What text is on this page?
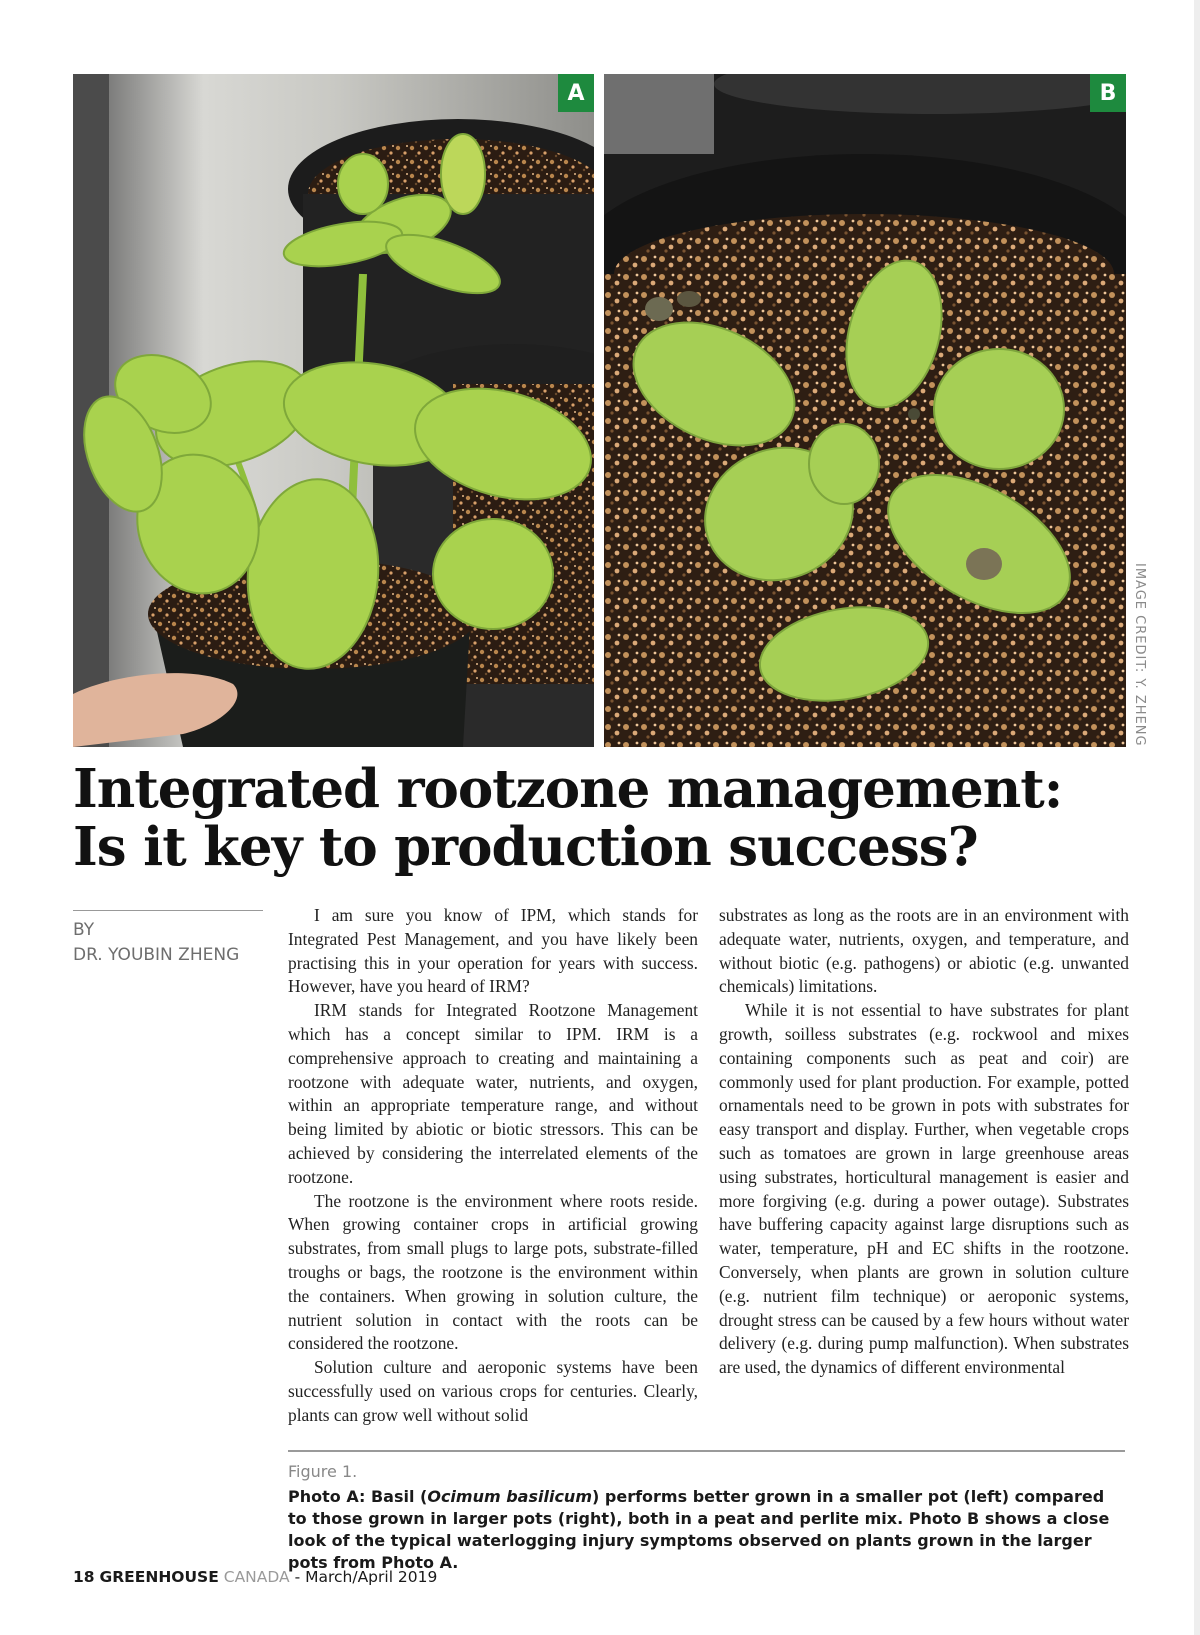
A	B
IMAGE CREDIT: Y. ZHENG
Integrated rootzone management:
Is it key to production success?
BY
DR. YOUBIN ZHENG

I am sure you know of IPM, which stands for Integrated Pest Management, and you have likely been practising this in your operation for years with success. However, have you heard of IRM?

IRM stands for Integrated Rootzone Management which has a concept similar to IPM. IRM is a comprehensive approach to creating and maintaining a rootzone with adequate water, nutrients, and oxygen, within an appropriate temperature range, and without being limited by abiotic or biotic stressors. This can be achieved by considering the interrelated elements of the rootzone.

The rootzone is the environment where roots reside. When growing container crops in artificial growing substrates, from small plugs to large pots, substrate-filled troughs or bags, the rootzone is the environment within the containers. When growing in solution culture, the nutrient solution in contact with the roots can be considered the rootzone.

Solution culture and aeroponic systems have been successfully used on various crops for centuries. Clearly, plants can grow well without solid

substrates as long as the roots are in an environment with adequate water, nutrients, oxygen, and temperature, and without biotic (e.g. pathogens) or abiotic (e.g. unwanted chemicals) limitations.

While it is not essential to have substrates for plant growth, soilless substrates (e.g. rockwool and mixes containing components such as peat and coir) are commonly used for plant production. For example, potted ornamentals need to be grown in pots with substrates for easy transport and display. Further, when vegetable crops such as tomatoes are grown in large greenhouse areas using substrates, horticultural management is easier and more forgiving (e.g. during a power outage). Substrates have buffering capacity against large disruptions such as water, temperature, pH and EC shifts in the rootzone. Conversely, when plants are grown in solution culture (e.g. nutrient film technique) or aeroponic systems, drought stress can be caused by a few hours without water delivery (e.g. during pump malfunction). When substrates are used, the dynamics of different environmental

Figure 1.
Photo A: Basil (Ocimum basilicum) performs better grown in a smaller pot (left) compared to those grown in larger pots (right), both in a peat and perlite mix. Photo B shows a close look of the typical waterlogging injury symptoms observed on plants grown in the larger pots from Photo A.
18 GREENHOUSE CANADA - March/April 2019
